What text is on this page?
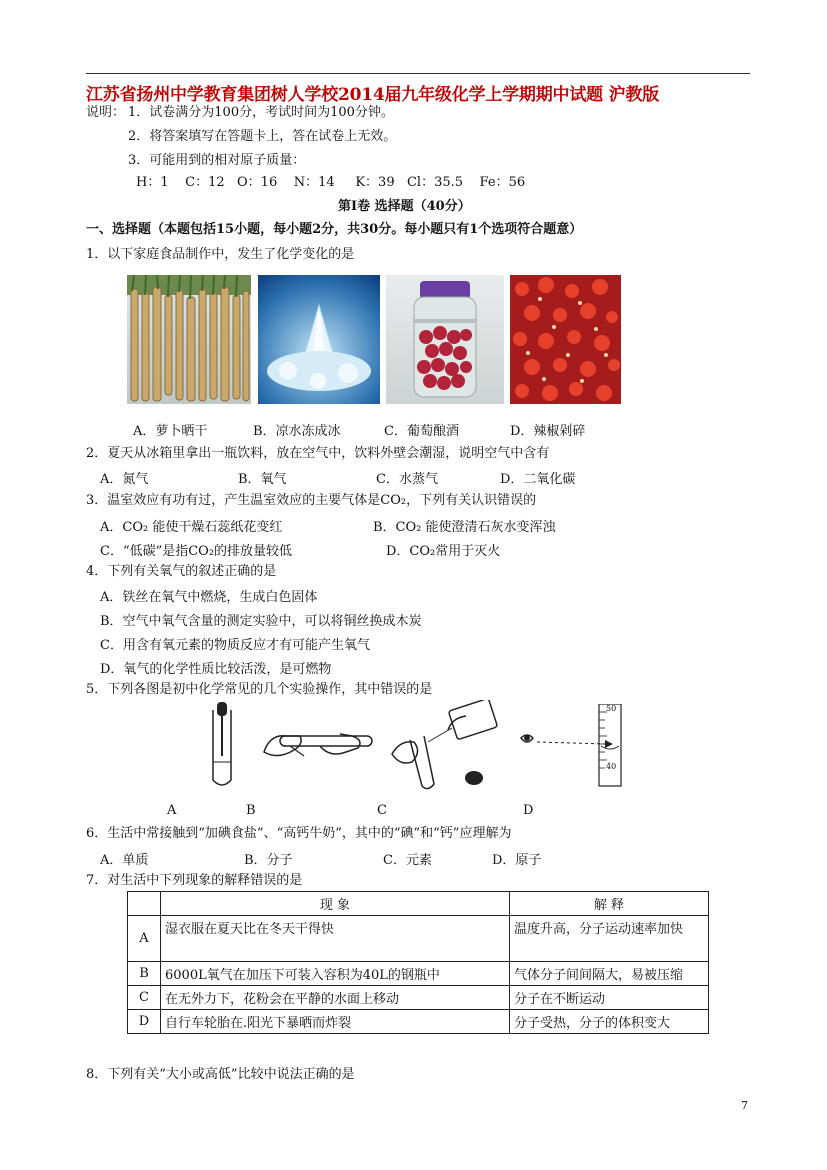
江苏省扬州中学教育集团树人学校2014届九年级化学上学期期中试题 沪教版
说明： 1．试卷满分为100分，考试时间为100分钟。
2．将答案填写在答题卡上，答在试卷上无效。
3．可能用到的相对原子质量：
H：1    C：12   O：16    N：14     K：39   Cl：35.5    Fe：56
第Ⅰ卷 选择题（40分）
一、选择题（本题包括15小题，每小题2分，共30分。每小题只有1个选项符合题意）
1．以下家庭食品制作中，发生了化学变化的是
A．萝卜晒干	B．凉水冻成冰	C．葡萄酿酒	D．辣椒剁碎
2．夏天从冰箱里拿出一瓶饮料，放在空气中，饮料外壁会潮湿，说明空气中含有
A．氮气	B．氧气	C．水蒸气	D．二氧化碳
3．温室效应有功有过，产生温室效应的主要气体是CO₂，下列有关认识错误的
A．CO₂ 能使干燥石蕊纸花变红	B．CO₂ 能使澄清石灰水变浑浊
C．“低碳”是指CO₂的排放量较低	D．CO₂常用于灭火
4．下列有关氧气的叙述正确的是
A．铁丝在氧气中燃烧，生成白色固体
B．空气中氧气含量的测定实验中，可以将铜丝换成木炭
C．用含有氧元素的物质反应才有可能产生氧气
D．氧气的化学性质比较活泼，是可燃物
5．下列各图是初中化学常见的几个实验操作，其中错误的是
50
40
A	B	C	D
6．生活中常接触到“加碘食盐”、“高钙牛奶”，其中的“碘”和“钙”应理解为
A．单质	B．分子	C．元素	D．原子
7．对生活中下列现象的解释错误的是
	现 象	解 释
A	湿衣服在夏天比在冬天干得快	温度升高，分子运动速率加快
B	6000L氧气在加压下可装入容积为40L的钢瓶中	气体分子间间隔大，易被压缩
C	在无外力下，花粉会在平静的水面上移动	分子在不断运动
D	自行车轮胎在.阳光下暴晒而炸裂	分子受热，分子的体积变大
8．下列有关“大小或高低”比较中说法正确的是
7
